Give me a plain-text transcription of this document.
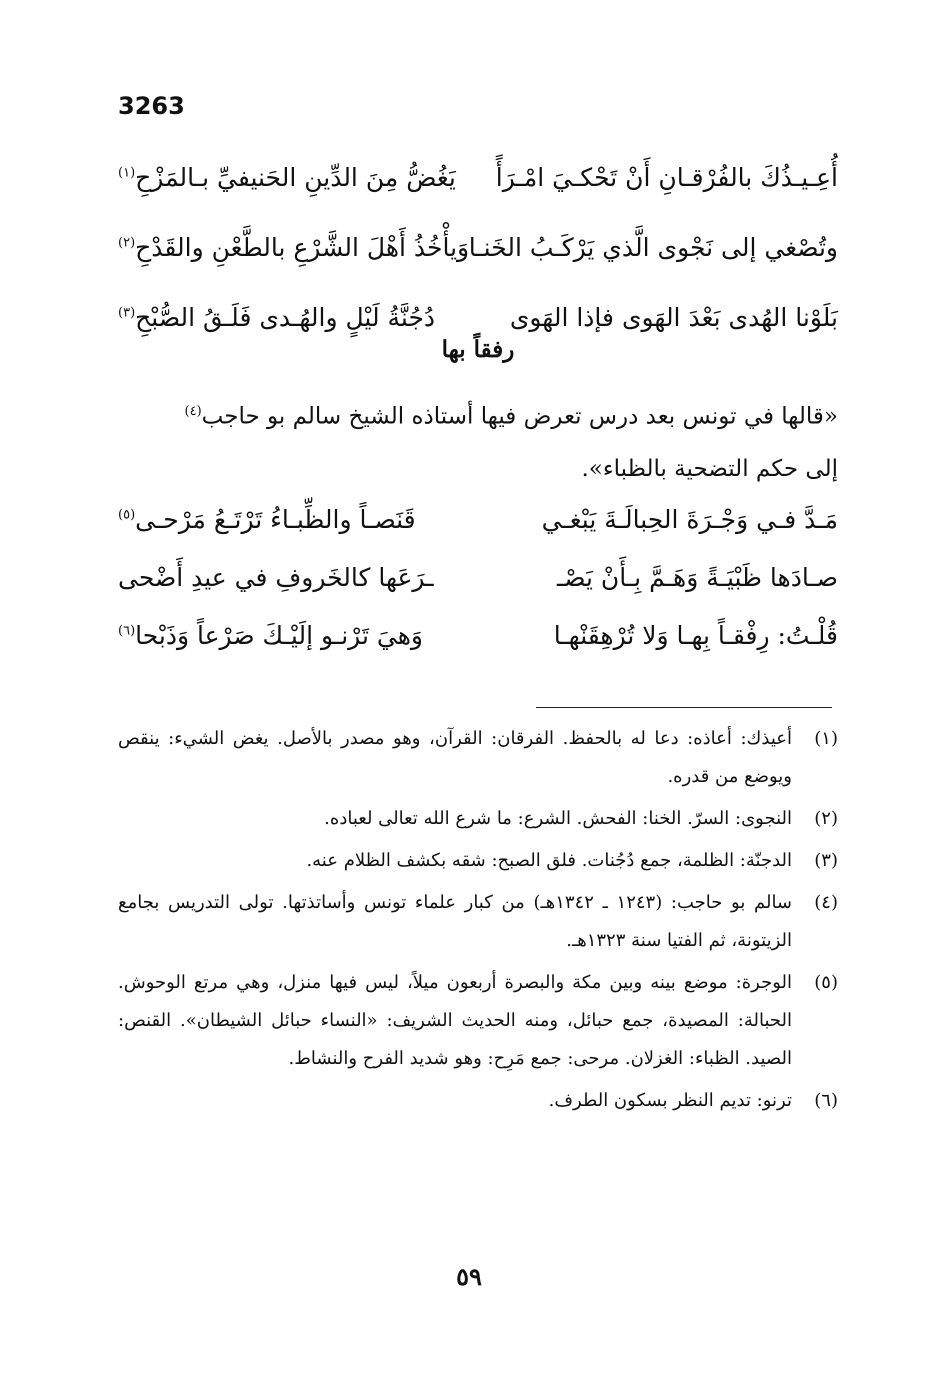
3263
أُعِـيـذُكَ بالفُرْقـانِ أَنْ تَحْكـيَ امْـرَأً
يَغُضُّ مِنَ الدِّينِ الحَنيفيِّ بـالمَزْحِ$^{(١)}$
وتُصْغي إلى نَجْوى الَّذي يَرْكَـبُ الخَنـا
وَيأْخُذُ أَهْلَ الشَّرْعِ بالطَّعْنِ والقَدْحِ$^{(٢)}$
بَلَوْنا الهُدى بَعْدَ الهَوى فإذا الهَوى
دُجُنَّةُ لَيْلٍ والهُـدى فَلَـقُ الصُّبْحِ$^{(٣)}$
رفقاً بها
«قالها في تونس بعد درس تعرض فيها أستاذه الشيخ سالم بو حاجب$^{(٤)}$
إلى حكم التضحية بالظباء».
مَـدَّ فـي وَجْـرَةَ الحِبالَـةَ يَبْغـي
قَنَصـاً والظِّبـاءُ تَرْتَـعُ مَرْحـى$^{(٥)}$
صـادَها ظَبْيَـةً وَهَـمَّ بِـأَنْ يَصْـ
ـرَعَها كالخَروفِ في عيدِ أَضْحى
قُلْـتُ: رِفْقـاً بِهـا وَلا تُرْهِقَنْهـا
وَهيَ تَرْنـو إلَيْـكَ صَرْعاً وَذَبْحا$^{(٦)}$
(١)
أعيذك: أعاذه: دعا له بالحفظ. الفرقان: القرآن، وهو مصدر بالأصل. يغض الشيء: ينقص ويوضع من قدره.
(٢)
النجوى: السرّ. الخنا: الفحش. الشرع: ما شرع الله تعالى لعباده.
(٣)
الدجنّة: الظلمة، جمع دُجُنات. فلق الصبح: شقه بكشف الظلام عنه.
(٤)
سالم بو حاجب: (١٢٤٣ ـ ١٣٤٢هـ) من كبار علماء تونس وأساتذتها. تولى التدريس بجامع الزيتونة، ثم الفتيا سنة ١٣٢٣هـ.
(٥)
الوجرة: موضع بينه وبين مكة والبصرة أربعون ميلاً، ليس فيها منزل، وهي مرتع الوحوش. الحبالة: المصيدة، جمع حبائل، ومنه الحديث الشريف: «النساء حبائل الشيطان». القنص: الصيد. الظباء: الغزلان. مرحى: جمع مَرِح: وهو شديد الفرح والنشاط.
(٦)
ترنو: تديم النظر بسكون الطرف.
٥٩
